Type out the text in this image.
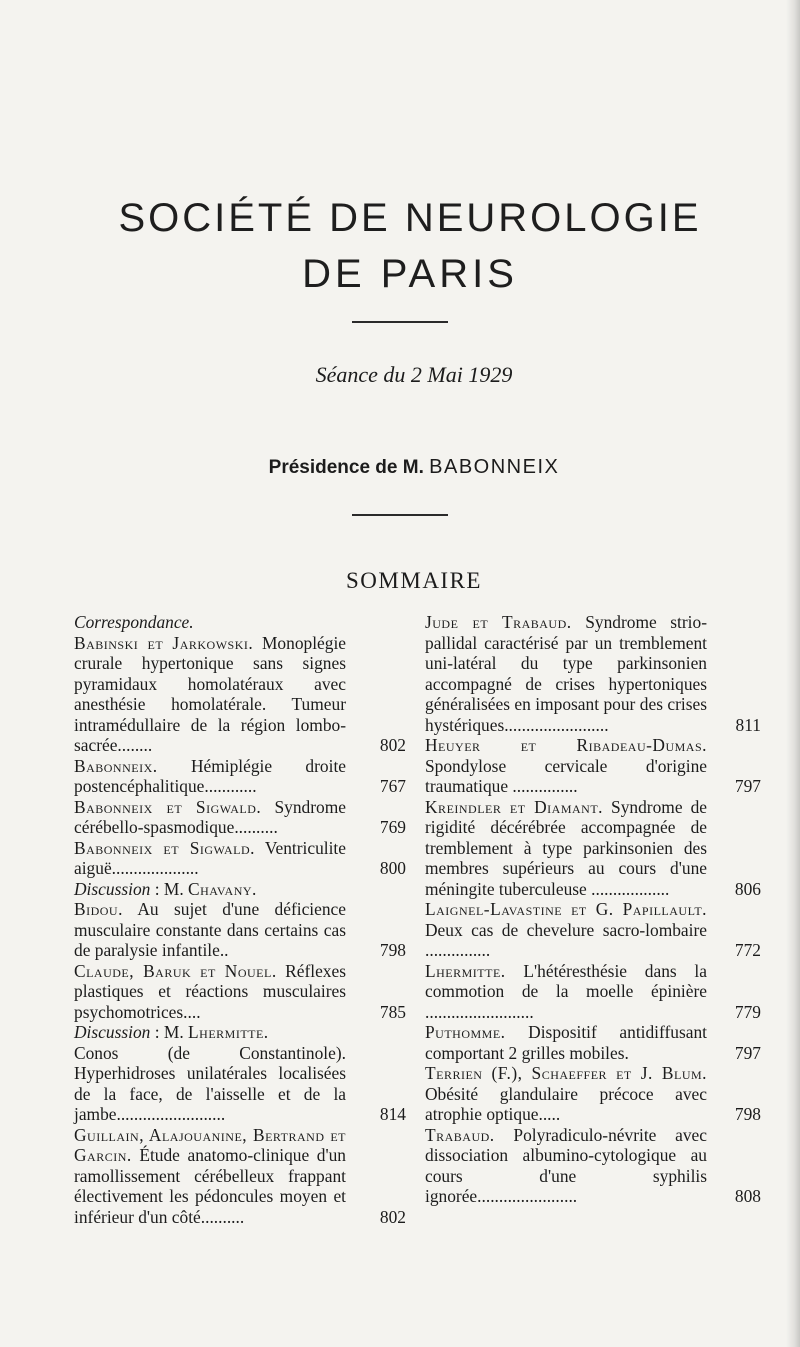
SOCIÉTÉ DE NEUROLOGIE
DE PARIS
Séance du 2 Mai 1929
Présidence de M. BABONNEIX
SOMMAIRE
Correspondance.
Babinski et Jarkowski. Monoplégie crurale hypertonique sans signes pyramidaux homolatéraux avec anesthésie homolatérale. Tumeur intramédullaire de la région lombo-sacrée........	802
Babonneix. Hémiplégie droite postencéphalitique............	767
Babonneix et Sigwald. Syndrome cérébello-spasmodique..........	769
Babonneix et Sigwald. Ventriculite aiguë....................	800
Discussion : M. Chavany.
Bidou. Au sujet d'une déficience musculaire constante dans certains cas de paralysie infantile..	798
Claude, Baruk et Nouel. Réflexes plastiques et réactions musculaires psychomotrices....	785
Discussion : M. Lhermitte.
Conos (de Constantinole). Hyperhidroses unilatérales localisées de la face, de l'aisselle et de la jambe.........................	814
Guillain, Alajouanine, Bertrand et Garcin. Étude anatomo-clinique d'un ramollissement cérébelleux frappant électivement les pédoncules moyen et inférieur d'un côté..........	802
Jude et Trabaud. Syndrome strio-pallidal caractérisé par un tremblement uni-latéral du type parkinsonien accompagné de crises hypertoniques généralisées en imposant pour des crises hystériques........................	811
Heuyer et Ribadeau-Dumas. Spondylose cervicale d'origine traumatique ...............	797
Kreindler et Diamant. Syndrome de rigidité décérébrée accompagnée de tremblement à type parkinsonien des membres supérieurs au cours d'une méningite tuberculeuse ..................	806
Laignel-Lavastine et G. Papillault. Deux cas de chevelure sacro-lombaire ...............	772
Lhermitte. L'hétéresthésie dans la commotion de la moelle épinière .........................	779
Puthomme. Dispositif antidiffusant comportant 2 grilles mobiles.	797
Terrien (F.), Schaeffer et J. Blum. Obésité glandulaire précoce avec atrophie optique.....	798
Trabaud. Polyradiculo-névrite avec dissociation albumino-cytologique au cours d'une syphilis ignorée.......................	808
